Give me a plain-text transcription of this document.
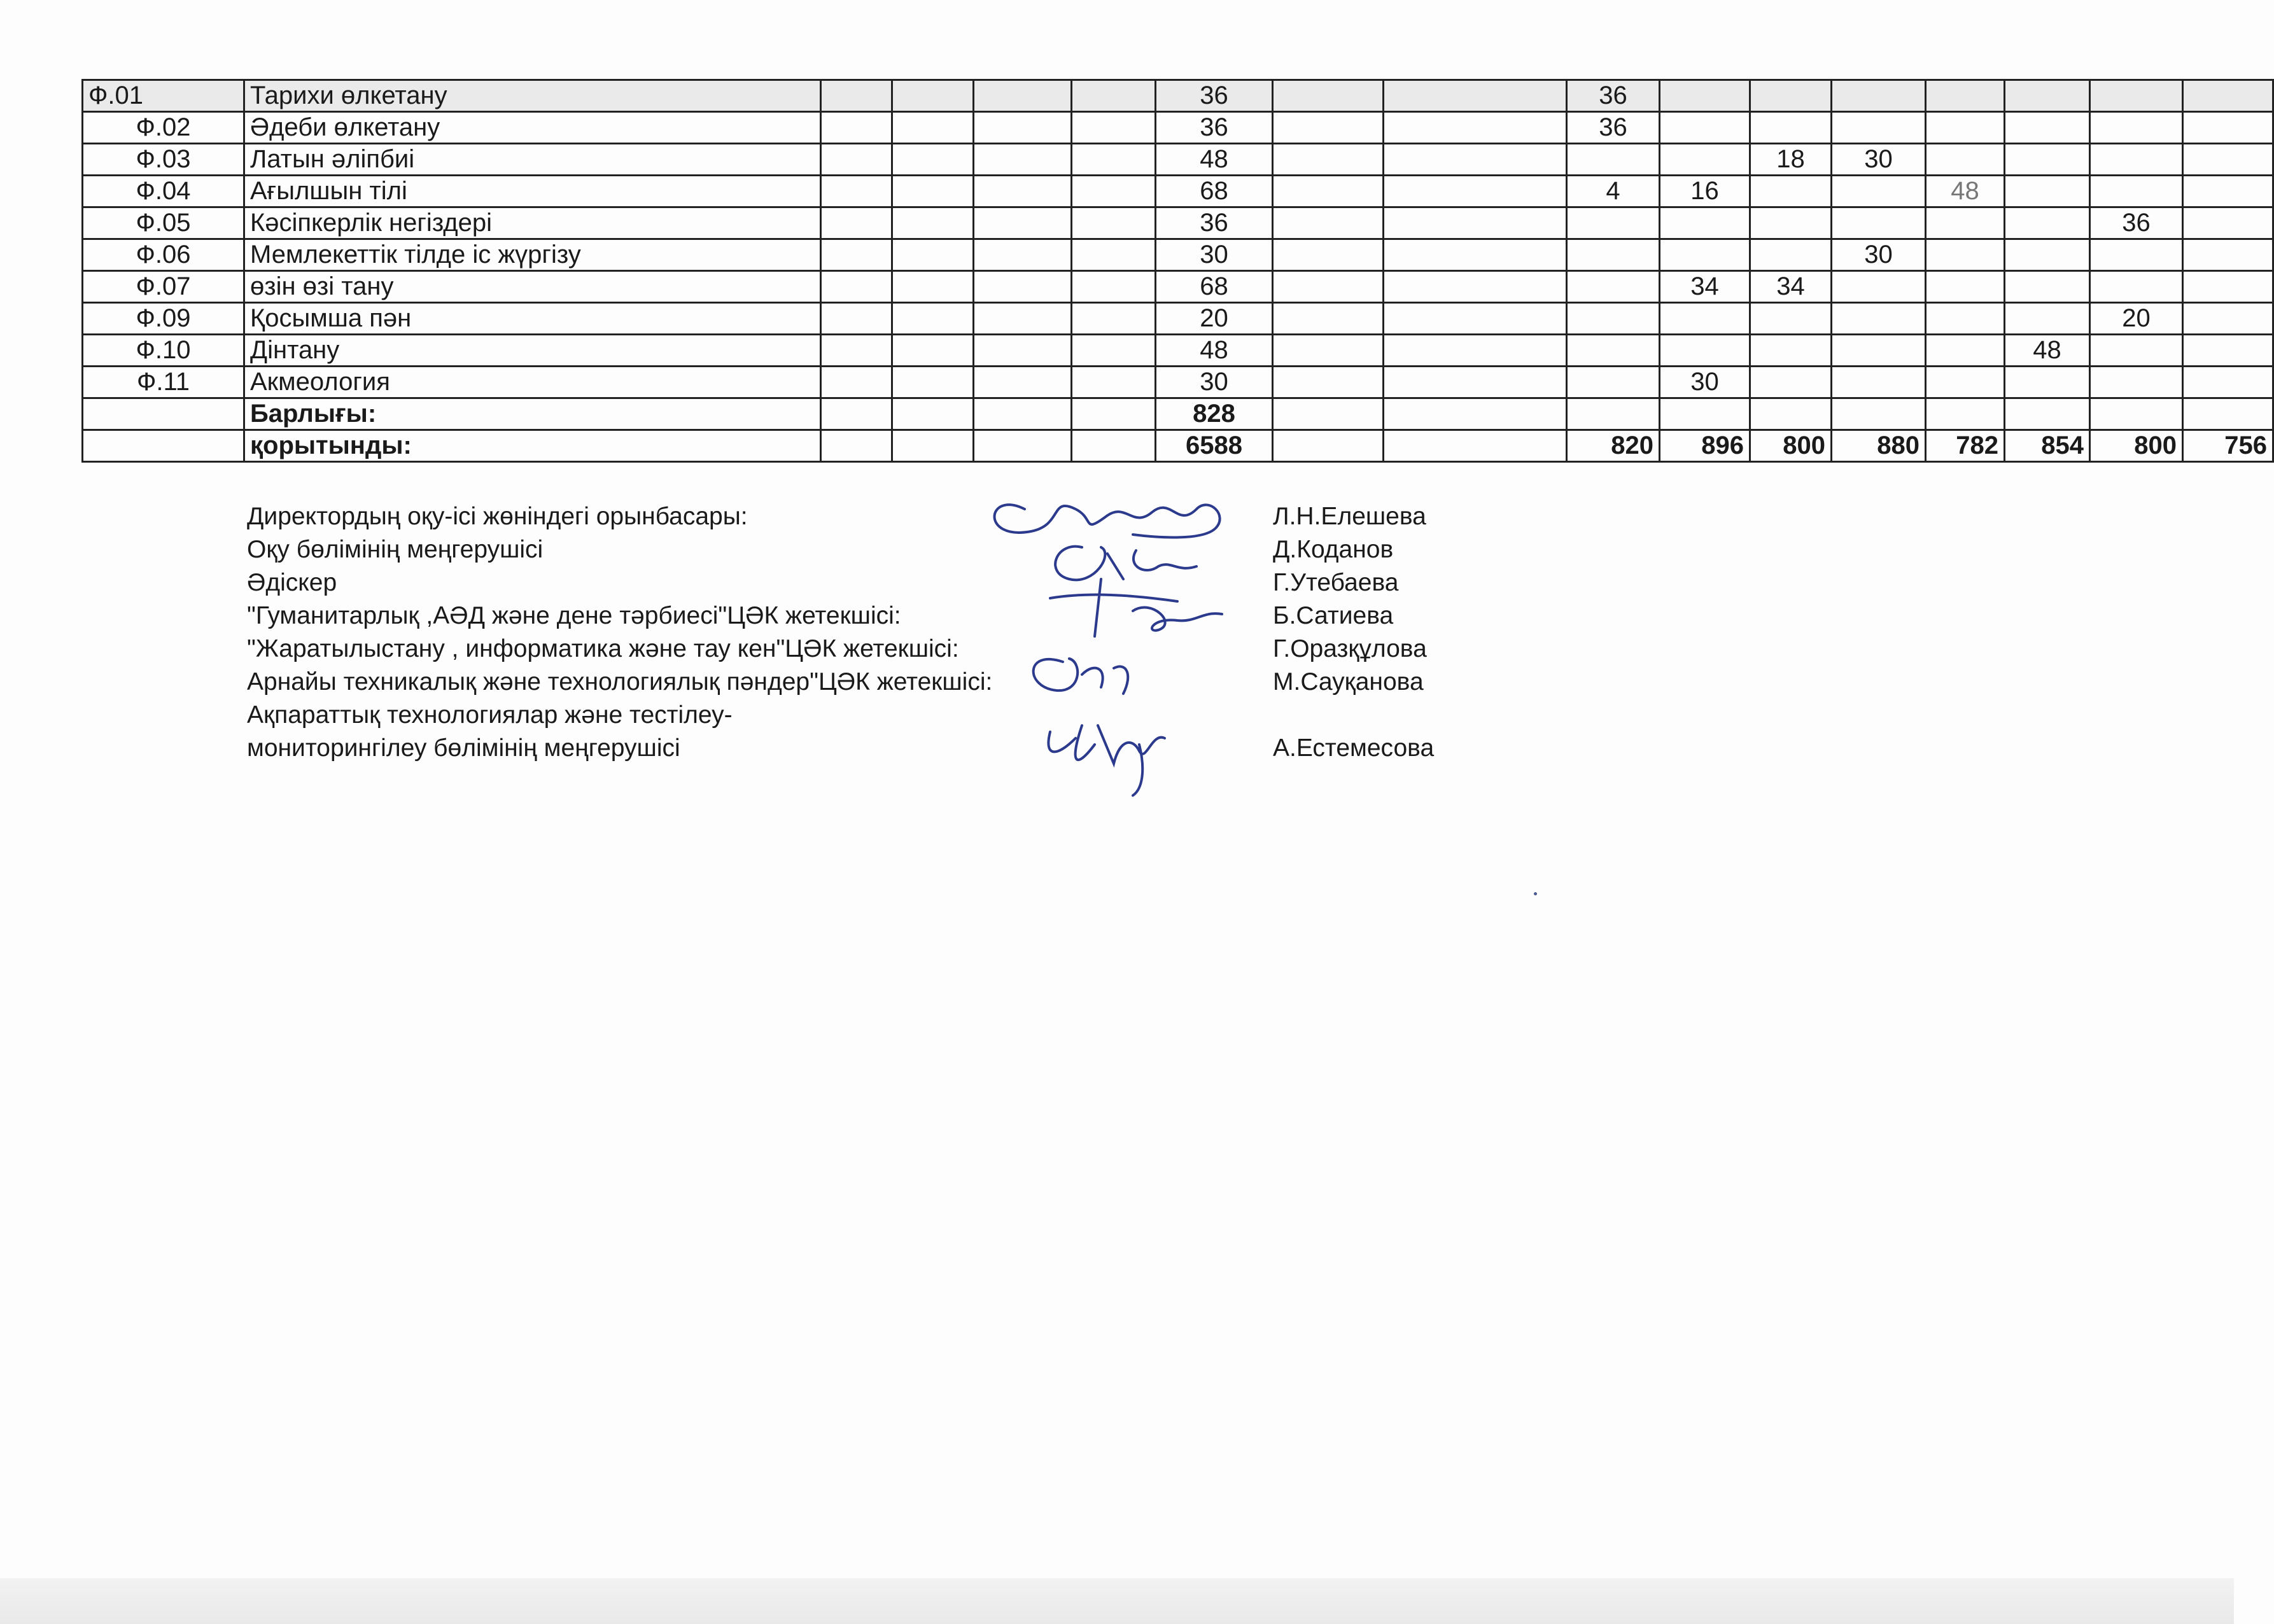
Ф.01	Тарихи өлкетану					36			36							
Ф.02	Әдеби өлкетану					36			36							
Ф.03	Латын әліпбиі					48					18	30				
Ф.04	Ағылшын тілі					68			4	16			48			
Ф.05	Кәсіпкерлік негіздері					36									36	
Ф.06	Мемлекеттік тілде іс жүргізу					30						30				
Ф.07	өзін өзі тану					68				34	34					
Ф.09	Қосымша пән					20									20	
Ф.10	Дінтану					48								48		
Ф.11	Акмеология					30				30						
	Барлығы:					828										
	қорытынды:					6588			820	896	800	880	782	854	800	756
Директордың оқу-ісі жөніндегі орынбасары:	Л.Н.Елешева
Оқу бөлімінің меңгерушісі	Д.Коданов
Әдіскер	Г.Утебаева
"Гуманитарлық ,АӘД және дене тәрбиесі"ЦӘК жетекшісі:	Б.Сатиева
"Жаратылыстану , информатика және тау кен"ЦӘК жетекшісі:	Г.Оразқұлова
Арнайы техникалық және технологиялық пәндер"ЦӘК жетекшісі:	М.Сауқанова
Ақпараттық технологиялар және тестілеу-
мониторингілеу бөлімінің меңгерушісі	А.Естемесова
